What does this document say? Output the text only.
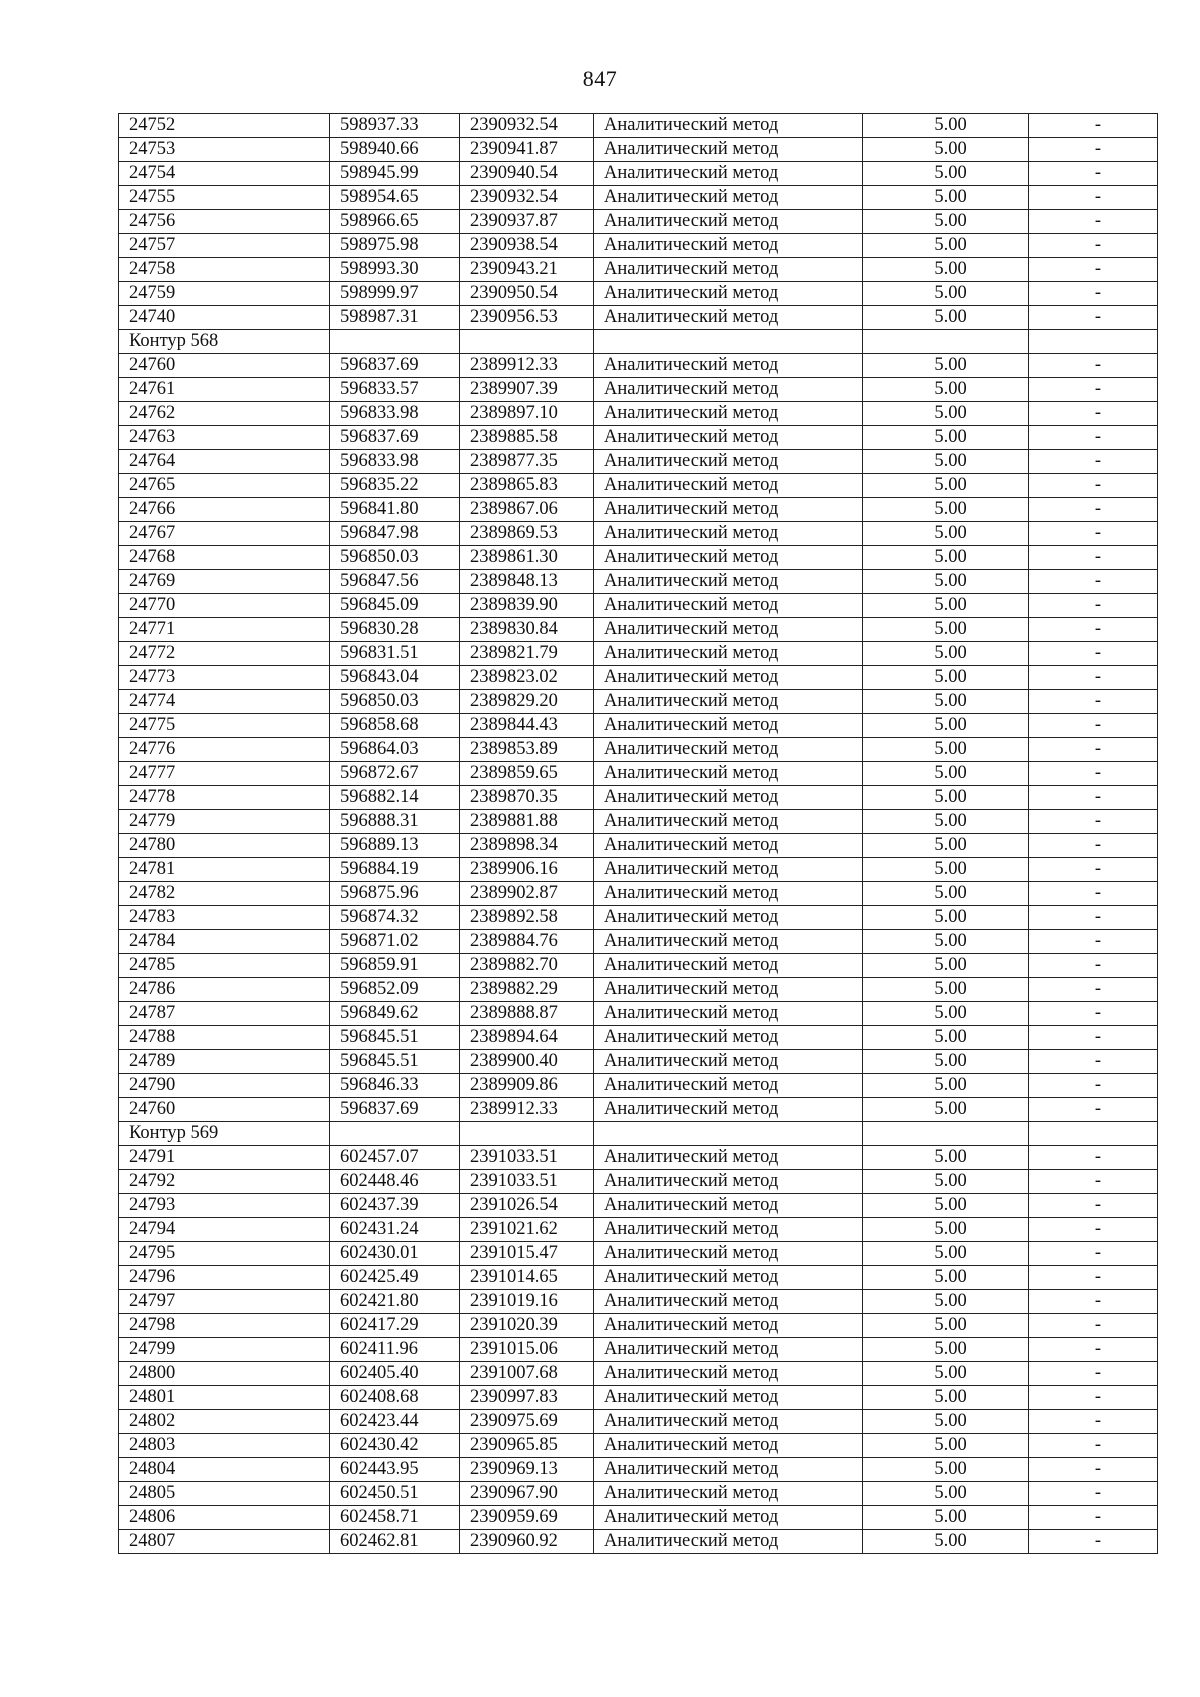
847
24752	598937.33	2390932.54	Аналитический метод	5.00	-
24753	598940.66	2390941.87	Аналитический метод	5.00	-
24754	598945.99	2390940.54	Аналитический метод	5.00	-
24755	598954.65	2390932.54	Аналитический метод	5.00	-
24756	598966.65	2390937.87	Аналитический метод	5.00	-
24757	598975.98	2390938.54	Аналитический метод	5.00	-
24758	598993.30	2390943.21	Аналитический метод	5.00	-
24759	598999.97	2390950.54	Аналитический метод	5.00	-
24740	598987.31	2390956.53	Аналитический метод	5.00	-
Контур 568					
24760	596837.69	2389912.33	Аналитический метод	5.00	-
24761	596833.57	2389907.39	Аналитический метод	5.00	-
24762	596833.98	2389897.10	Аналитический метод	5.00	-
24763	596837.69	2389885.58	Аналитический метод	5.00	-
24764	596833.98	2389877.35	Аналитический метод	5.00	-
24765	596835.22	2389865.83	Аналитический метод	5.00	-
24766	596841.80	2389867.06	Аналитический метод	5.00	-
24767	596847.98	2389869.53	Аналитический метод	5.00	-
24768	596850.03	2389861.30	Аналитический метод	5.00	-
24769	596847.56	2389848.13	Аналитический метод	5.00	-
24770	596845.09	2389839.90	Аналитический метод	5.00	-
24771	596830.28	2389830.84	Аналитический метод	5.00	-
24772	596831.51	2389821.79	Аналитический метод	5.00	-
24773	596843.04	2389823.02	Аналитический метод	5.00	-
24774	596850.03	2389829.20	Аналитический метод	5.00	-
24775	596858.68	2389844.43	Аналитический метод	5.00	-
24776	596864.03	2389853.89	Аналитический метод	5.00	-
24777	596872.67	2389859.65	Аналитический метод	5.00	-
24778	596882.14	2389870.35	Аналитический метод	5.00	-
24779	596888.31	2389881.88	Аналитический метод	5.00	-
24780	596889.13	2389898.34	Аналитический метод	5.00	-
24781	596884.19	2389906.16	Аналитический метод	5.00	-
24782	596875.96	2389902.87	Аналитический метод	5.00	-
24783	596874.32	2389892.58	Аналитический метод	5.00	-
24784	596871.02	2389884.76	Аналитический метод	5.00	-
24785	596859.91	2389882.70	Аналитический метод	5.00	-
24786	596852.09	2389882.29	Аналитический метод	5.00	-
24787	596849.62	2389888.87	Аналитический метод	5.00	-
24788	596845.51	2389894.64	Аналитический метод	5.00	-
24789	596845.51	2389900.40	Аналитический метод	5.00	-
24790	596846.33	2389909.86	Аналитический метод	5.00	-
24760	596837.69	2389912.33	Аналитический метод	5.00	-
Контур 569					
24791	602457.07	2391033.51	Аналитический метод	5.00	-
24792	602448.46	2391033.51	Аналитический метод	5.00	-
24793	602437.39	2391026.54	Аналитический метод	5.00	-
24794	602431.24	2391021.62	Аналитический метод	5.00	-
24795	602430.01	2391015.47	Аналитический метод	5.00	-
24796	602425.49	2391014.65	Аналитический метод	5.00	-
24797	602421.80	2391019.16	Аналитический метод	5.00	-
24798	602417.29	2391020.39	Аналитический метод	5.00	-
24799	602411.96	2391015.06	Аналитический метод	5.00	-
24800	602405.40	2391007.68	Аналитический метод	5.00	-
24801	602408.68	2390997.83	Аналитический метод	5.00	-
24802	602423.44	2390975.69	Аналитический метод	5.00	-
24803	602430.42	2390965.85	Аналитический метод	5.00	-
24804	602443.95	2390969.13	Аналитический метод	5.00	-
24805	602450.51	2390967.90	Аналитический метод	5.00	-
24806	602458.71	2390959.69	Аналитический метод	5.00	-
24807	602462.81	2390960.92	Аналитический метод	5.00	-
